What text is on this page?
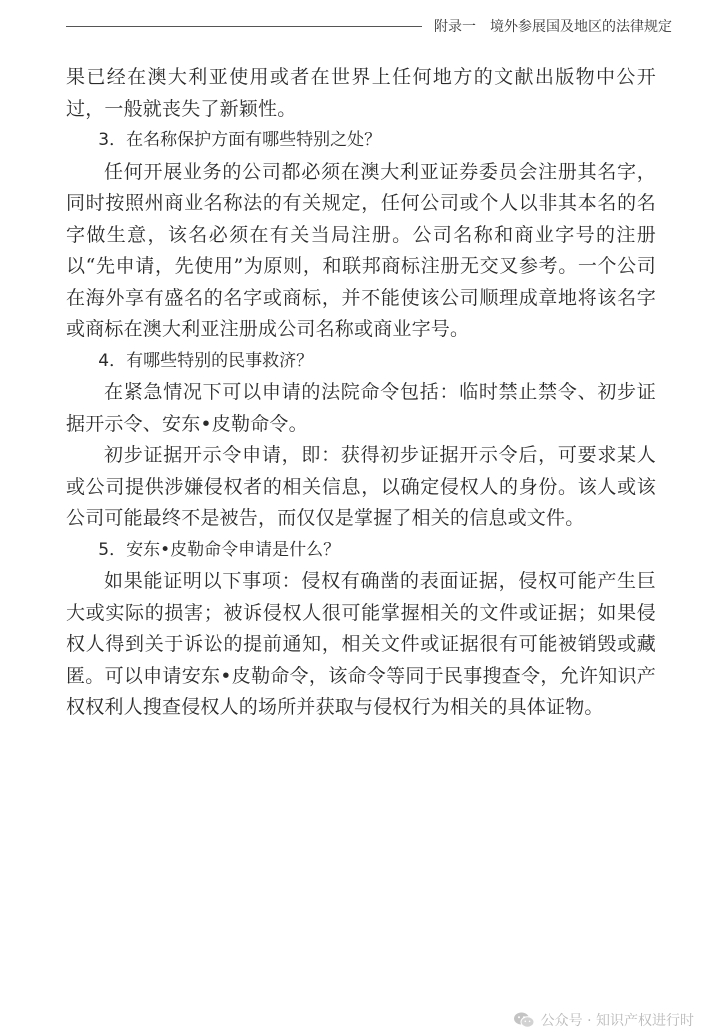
附录一 境外参展国及地区的法律规定

果已经在澳大利亚使用或者在世界上任何地方的文献出版物中公开过，一般就丧失了新颖性。

3．在名称保护方面有哪些特别之处？

任何开展业务的公司都必须在澳大利亚证券委员会注册其名字，同时按照州商业名称法的有关规定，任何公司或个人以非其本名的名字做生意，该名必须在有关当局注册。公司名称和商业字号的注册以“先申请，先使用”为原则，和联邦商标注册无交叉参考。一个公司在海外享有盛名的名字或商标，并不能使该公司顺理成章地将该名字或商标在澳大利亚注册成公司名称或商业字号。

4．有哪些特别的民事救济？

在紧急情况下可以申请的法院命令包括：临时禁止禁令、初步证据开示令、安东•皮勒命令。

初步证据开示令申请，即：获得初步证据开示令后，可要求某人或公司提供涉嫌侵权者的相关信息，以确定侵权人的身份。该人或该公司可能最终不是被告，而仅仅是掌握了相关的信息或文件。

5．安东•皮勒命令申请是什么？

如果能证明以下事项：侵权有确凿的表面证据，侵权可能产生巨大或实际的损害；被诉侵权人很可能掌握相关的文件或证据；如果侵权人得到关于诉讼的提前通知，相关文件或证据很有可能被销毁或藏匿。可以申请安东•皮勒命令，该命令等同于民事搜查令，允许知识产权权利人搜查侵权人的场所并获取与侵权行为相关的具体证物。

公众号 · 知识产权进行时
